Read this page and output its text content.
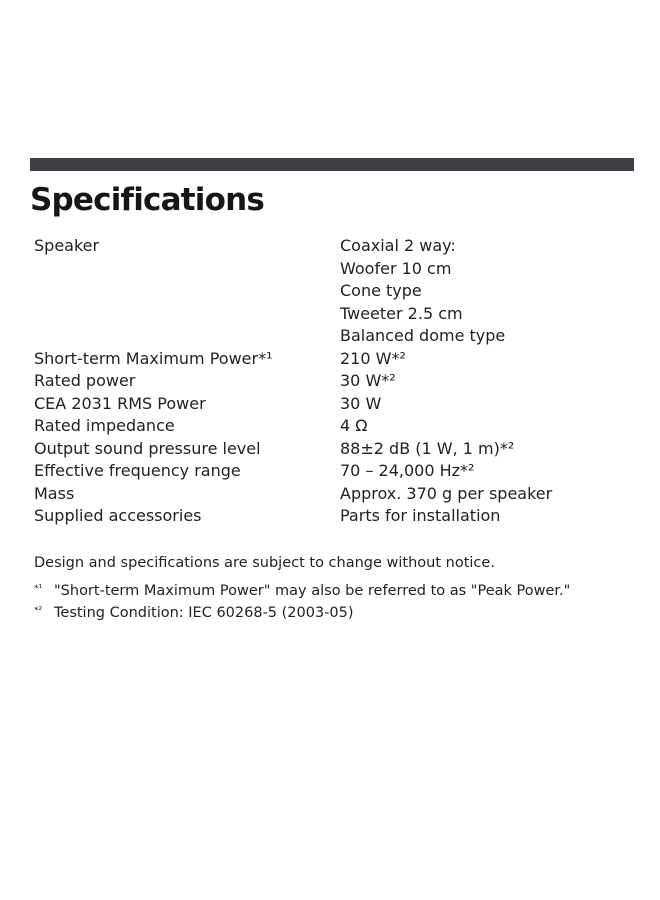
Specifications
Speaker	Coaxial 2 way:
Woofer 10 cm
Cone type
Tweeter 2.5 cm
Balanced dome type

Short-term Maximum Power*¹	210 W*²

Rated power	30 W*²

CEA 2031 RMS Power	30 W

Rated impedance	4 Ω

Output sound pressure level	88±2 dB (1 W, 1 m)*²

Effective frequency range	70 – 24,000 Hz*²

Mass	Approx. 370 g per speaker

Supplied accessories	Parts for installation
Design and specifications are subject to change without notice.
*¹ "Short-term Maximum Power" may also be referred to as "Peak Power."
*² Testing Condition: IEC 60268-5 (2003-05)
